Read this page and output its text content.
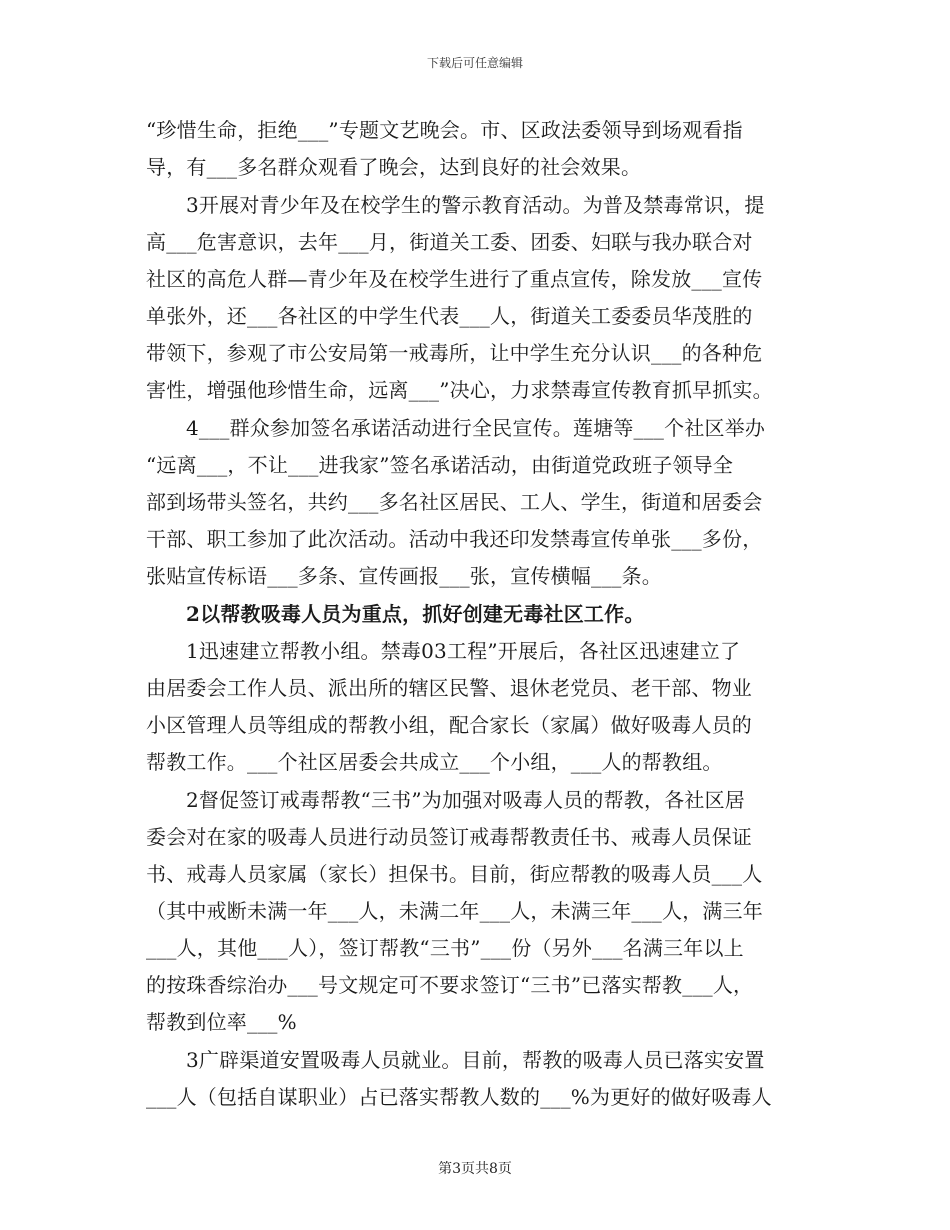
下载后可任意编辑
“珍惜生命，拒绝___”专题文艺晚会。市、区政法委领导到场观看指
导，有___多名群众观看了晚会，达到良好的社会效果。
3开展对青少年及在校学生的警示教育活动。为普及禁毒常识，提
高___危害意识，去年___月，街道关工委、团委、妇联与我办联合对
社区的高危人群—青少年及在校学生进行了重点宣传，除发放___宣传
单张外，还___各社区的中学生代表___人，街道关工委委员华茂胜的
带领下，参观了市公安局第一戒毒所，让中学生充分认识___的各种危
害性，增强他珍惜生命，远离___”决心，力求禁毒宣传教育抓早抓实。
4___群众参加签名承诺活动进行全民宣传。莲塘等___个社区举办
“远离___，不让___进我家”签名承诺活动，由街道党政班子领导全
部到场带头签名，共约___多名社区居民、工人、学生，街道和居委会
干部、职工参加了此次活动。活动中我还印发禁毒宣传单张___多份，
张贴宣传标语___多条、宣传画报___张，宣传横幅___条。
2以帮教吸毒人员为重点，抓好创建无毒社区工作。
1迅速建立帮教小组。禁毒03工程”开展后，各社区迅速建立了
由居委会工作人员、派出所的辖区民警、退休老党员、老干部、物业
小区管理人员等组成的帮教小组，配合家长（家属）做好吸毒人员的
帮教工作。___个社区居委会共成立___个小组，___人的帮教组。
2督促签订戒毒帮教“三书”为加强对吸毒人员的帮教，各社区居
委会对在家的吸毒人员进行动员签订戒毒帮教责任书、戒毒人员保证
书、戒毒人员家属（家长）担保书。目前，街应帮教的吸毒人员___人
（其中戒断未满一年___人，未满二年___人，未满三年___人，满三年
___人，其他___人），签订帮教“三书”___份（另外___名满三年以上
的按珠香综治办___号文规定可不要求签订“三书”已落实帮教___人，
帮教到位率___%
3广辟渠道安置吸毒人员就业。目前，帮教的吸毒人员已落实安置
___人（包括自谋职业）占已落实帮教人数的___%为更好的做好吸毒人
第3页共8页
